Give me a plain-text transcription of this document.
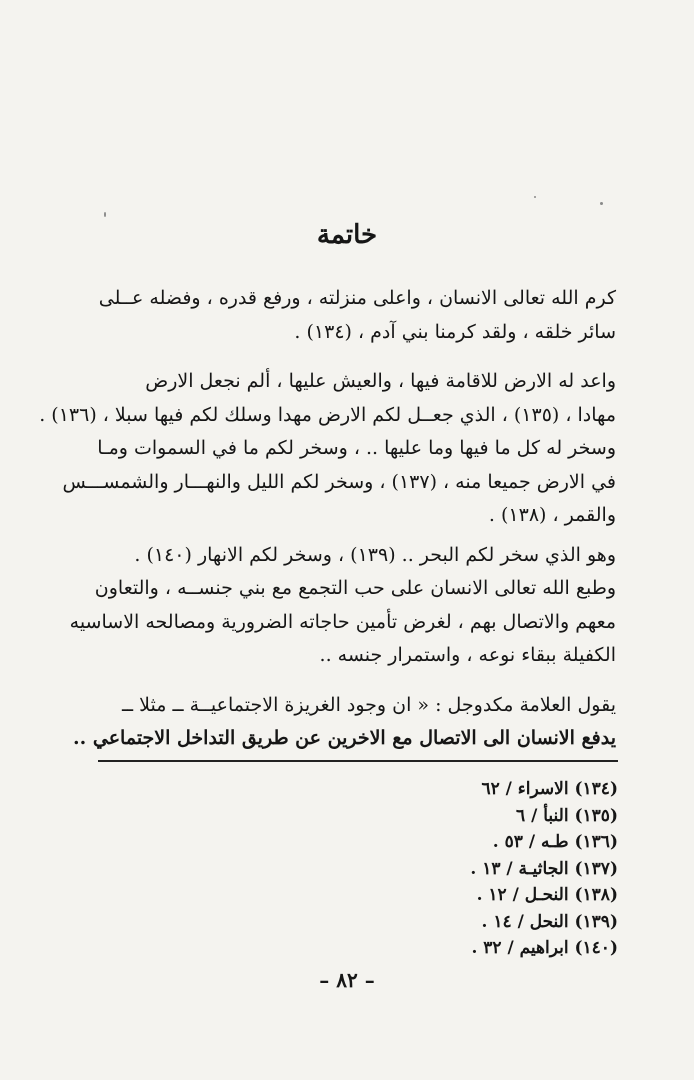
خاتمة

كرم الله تعالى الانسان ، واعلى منزلته ، ورفع قدره ، وفضله عــلى
سائر خلقه ، ولقد كرمنا بني آدم ، (١٣٤) .

واعد له الارض للاقامة فيها ، والعيش عليها ، ألم نجعل الارض
مهادا ، (١٣٥) ، الذي جعــل لكم الارض مهدا وسلك لكم فيها سبلا ، (١٣٦) .
وسخر له كل ما فيها وما عليها .. ، وسخر لكم ما في السموات ومـا
في الارض جميعا منه ، (١٣٧) ، وسخر لكم الليل والنهـــار والشمســـس
والقمر ، (١٣٨) .

وهو الذي سخر لكم البحر .. (١٣٩) ، وسخر لكم الانهار (١٤٠) .
وطبع الله تعالى الانسان على حب التجمع مع بني جنســه ، والتعاون
معهم والاتصال بهم ، لغرض تأمين حاجاته الضرورية ومصالحه الاساسيه
الكفيلة ببقاء نوعه ، واستمرار جنسه ..

يقول العلامة مكدوجل : « ان وجود الغريزة الاجتماعيــة ــ مثلا ــ
يدفع الانسان الى الاتصال مع الاخرين عن طريق التداخل الاجتماعي ..

(١٣٤) الاسراء / ٦٢
(١٣٥) النبأ / ٦
(١٣٦) طـه / ٥٣ .
(١٣٧) الجاثيـة / ١٣ .
(١٣٨) النحـل / ١٢ .
(١٣٩) النحل / ١٤ .
(١٤٠) ابراهيم / ٣٢ .
– ٨٢ –
